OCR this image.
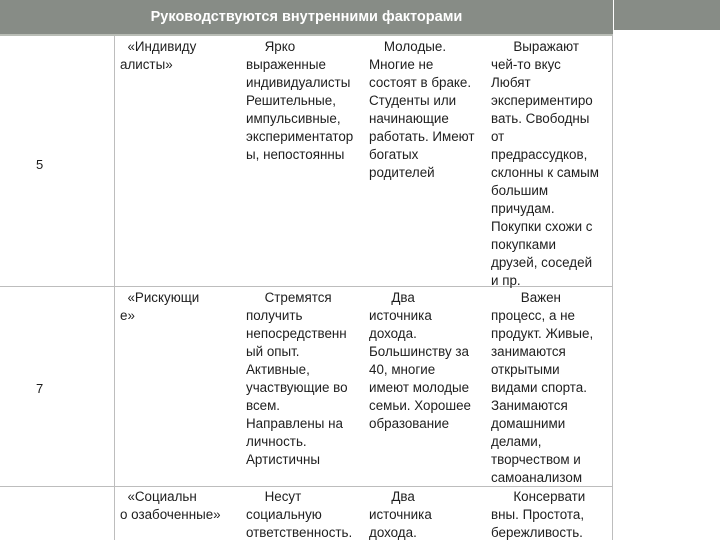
Руководствуются внутренними факторами
5
«Индивиду
алисты»
Ярко
выраженные
индивидуалисты
Решительные,
импульсивные,
экспериментатор
ы, непостоянны
Молодые.
Многие не
состоят в браке.
Студенты или
начинающие
работать. Имеют
богатых
родителей
Выражают
чей-то вкус
Любят
экспериментиро
вать. Свободны
от
предрассудков,
склонны к самым
большим
причудам.
Покупки схожи с
покупками
друзей, соседей
и пр.
7
«Рискующи
е»
Стремятся
получить
непосредственн
ый опыт.
Активные,
участвующие во
всем.
Направлены на
личность.
Артистичны
Два
источника
дохода.
Большинству за
40, многие
имеют молодые
семьи. Хорошее
образование
Важен
процесс, а не
продукт. Живые,
занимаются
открытыми
видами спорта.
Занимаются
домашними
делами,
творчеством и
самоанализом
«Социальн
о озабоченные»
Несут
социальную
ответственность.
Два
источника
дохода.
Консервати
вны. Простота,
бережливость.
